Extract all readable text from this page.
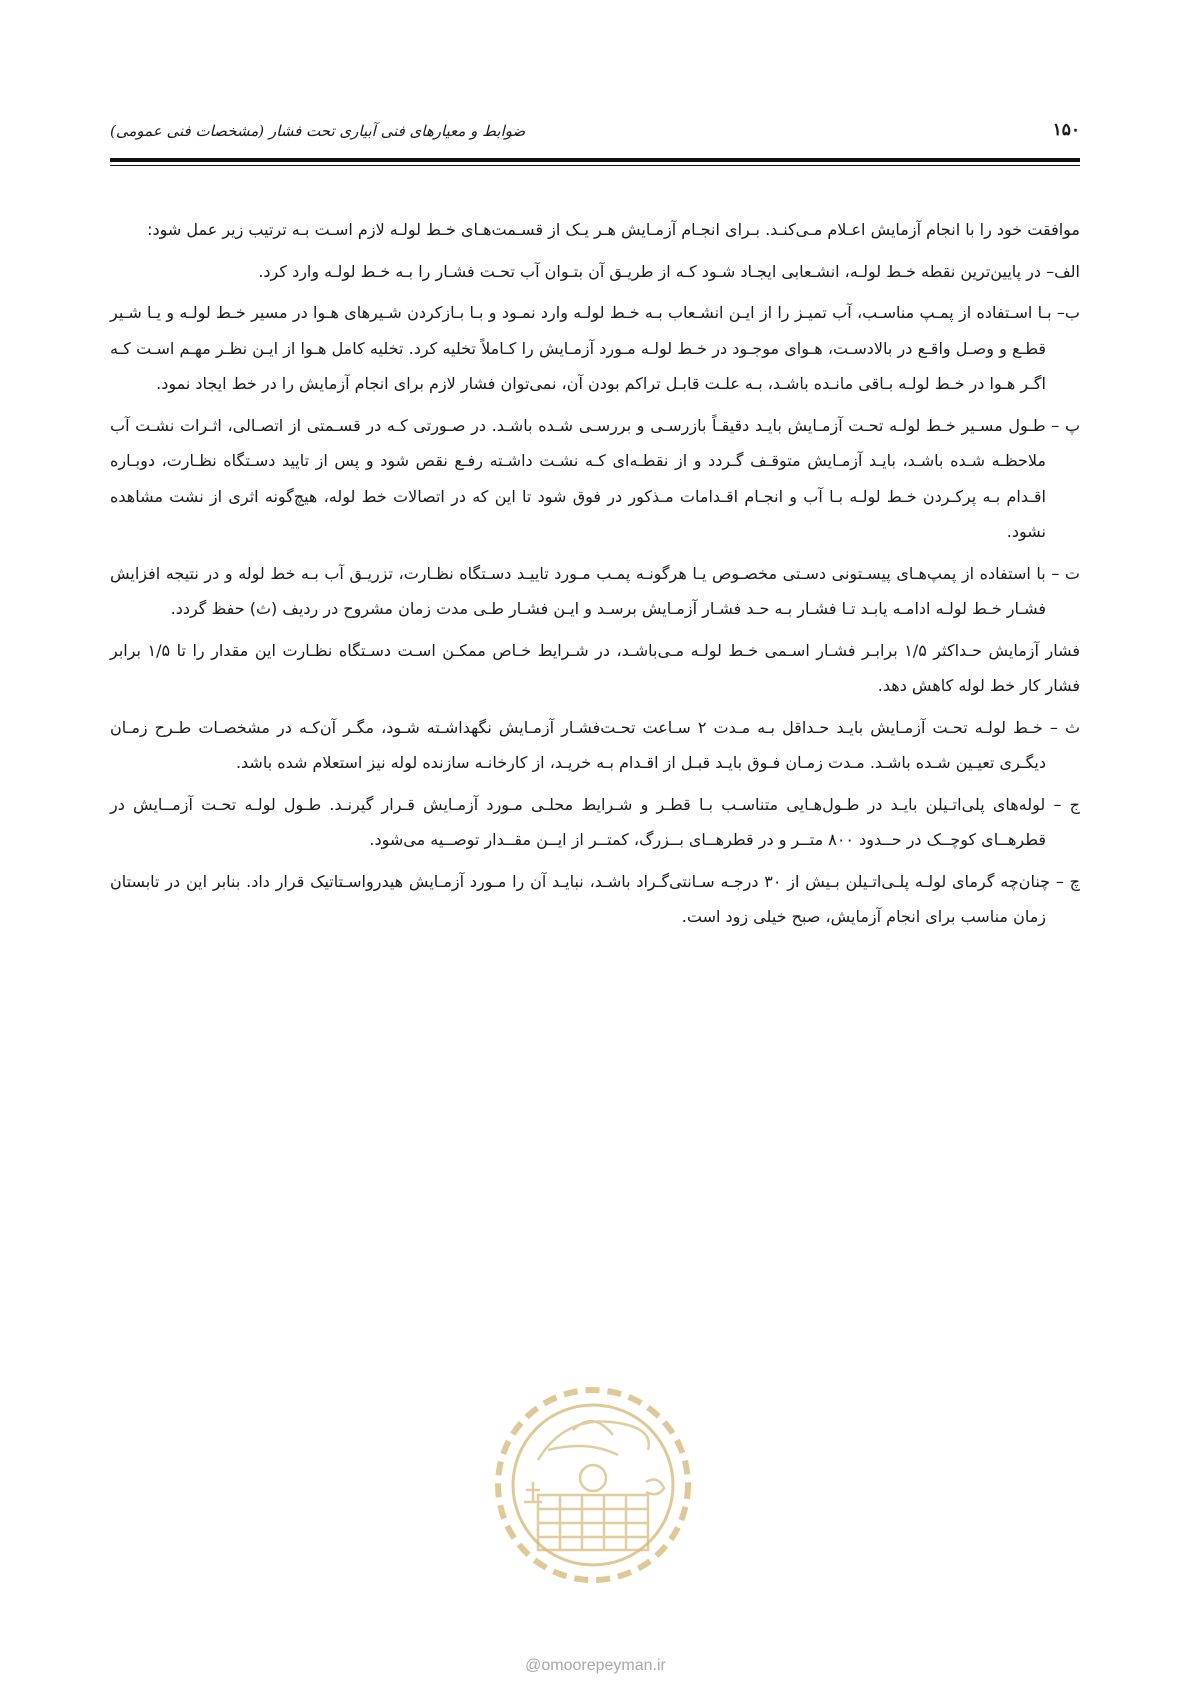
۱۵۰
ضوابط و معیارهای فنی آبیاری تحت فشار (مشخصات فنی عمومی)

موافقت خود را با انجام آزمایش اعـلام مـی‌کنـد. بـرای انجـام آزمـایش هـر یـک از قسـمت‌هـای خـط لولـه لازم اسـت بـه ترتیب زیر عمل شود:

الف– در پایین‌ترین نقطه خـط لولـه، انشـعابی ایجـاد شـود کـه از طریـق آن بتـوان آب تحـت فشـار را بـه خـط لولـه وارد کرد.

ب– بـا اسـتفاده از پمـپ مناسـب، آب تمیـز را از ایـن انشـعاب بـه خـط لولـه وارد نمـود و بـا بـازکردن شـیرهای هـوا در مسیر خـط لولـه و یـا شـیر قطـع و وصـل واقـع در بالادسـت، هـوای موجـود در خـط لولـه مـورد آزمـایش را کـاملاً تخلیه کرد. تخلیه کامل هـوا از ایـن نظـر مهـم اسـت کـه اگـر هـوا در خـط لولـه بـاقی مانـده باشـد، بـه علـت قابـل تراکم بودن آن، نمی‌توان فشار لازم برای انجام آزمایش را در خط ایجاد نمود.

پ – طـول مسـیر خـط لولـه تحـت آزمـایش بایـد دقیقـاً بازرسـی و بررسـی شـده باشـد. در صـورتی کـه در قسـمتی از اتصـالی، اثـرات نشـت آب ملاحظـه شـده باشـد، بایـد آزمـایش متوقـف گـردد و از نقطـه‌ای کـه نشـت داشـته رفـع نقص شود و پس از تایید دسـتگاه نظـارت، دوبـاره اقـدام بـه پرکـردن خـط لولـه بـا آب و انجـام اقـدامات مـذکور در فوق شود تا این که در اتصالات خط لوله، هیچ‌گونه اثری از نشت مشاهده نشود.

ت – با استفاده از پمپ‌هـای پیسـتونی دسـتی مخصـوص یـا هرگونـه پمـب مـورد تاییـد دسـتگاه نظـارت، تزریـق آب بـه خط لوله و در نتیجه افزایش فشـار خـط لولـه ادامـه یابـد تـا فشـار بـه حـد فشـار آزمـایش برسـد و ایـن فشـار طـی مدت زمان مشروح در ردیف (ث) حفظ گردد.

فشار آزمایش حـداکثر ۱/۵ برابـر فشـار اسـمی خـط لولـه مـی‌باشـد، در شـرایط خـاص ممکـن اسـت دسـتگاه نظـارت این مقدار را تا ۱/۵ برابر فشار کار خط لوله کاهش دهد.

ث – خـط لولـه تحـت آزمـایش بایـد حـداقل بـه مـدت ۲ سـاعت تحـت‌فشـار آزمـایش نگهداشـته شـود، مگـر آن‌کـه در مشخصـات طـرح زمـان دیگـری تعیـین شـده باشـد. مـدت زمـان فـوق بایـد قبـل از اقـدام بـه خریـد، از کارخانـه سازنده لوله نیز استعلام شده باشد.

ج – لوله‌های پلی‌اتـیلن بایـد در طـول‌هـایی متناسـب بـا قطـر و شـرایط محلـی مـورد آزمـایش قـرار گیرنـد. طـول لولـه تحـت آزمــایش در قطرهــای کوچــک در حــدود ۸۰۰ متــر و در قطرهــای بــزرگ، کمتــر از ایــن مقــدار توصــیه می‌شود.

چ – چنان‌چه گرمای لولـه پلـی‌اتـیلن بـیش از ۳۰ درجـه سـانتی‌گـراد باشـد، نبایـد آن را مـورد آزمـایش هیدرواسـتاتیک قرار داد. بنابر این در تابستان زمان مناسب برای انجام آزمایش، صبح خیلی زود است.

@omoorepeyman.ir
